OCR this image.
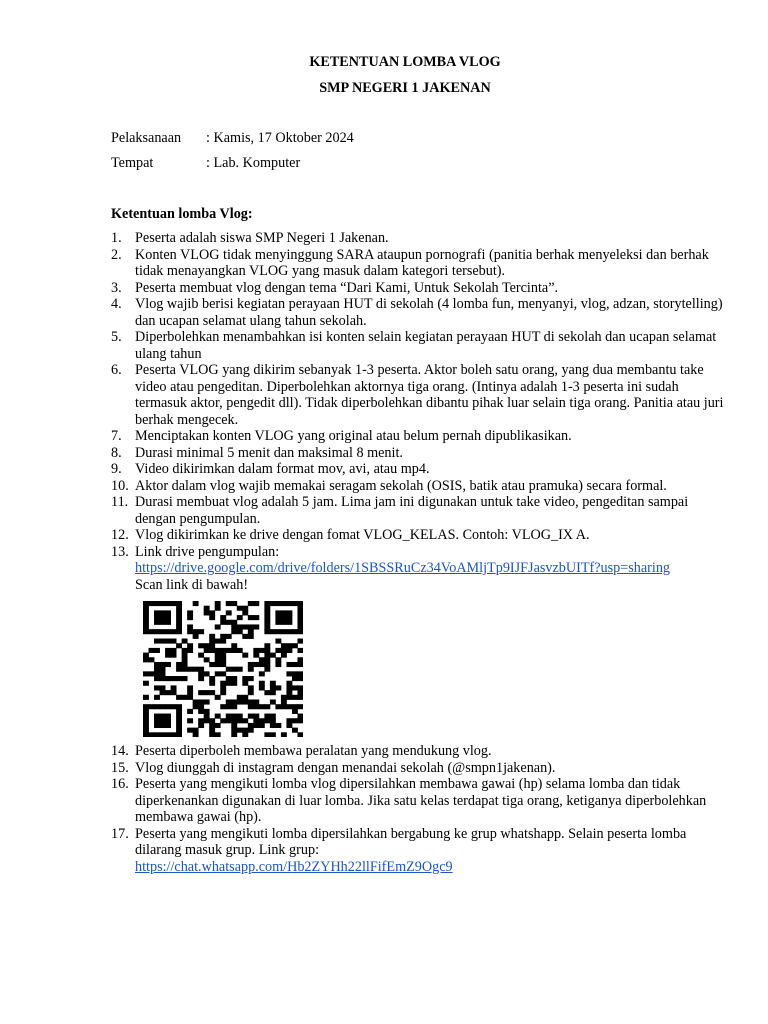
KETENTUAN LOMBA VLOG
SMP NEGERI 1 JAKENAN
Pelaksanaan	: Kamis, 17 Oktober 2024
Tempat	: Lab. Komputer
Ketentuan lomba Vlog:
1. Peserta adalah siswa SMP Negeri 1 Jakenan.
2. Konten VLOG tidak menyinggung SARA ataupun pornografi (panitia berhak menyeleksi dan berhak tidak menayangkan VLOG yang masuk dalam kategori tersebut).
3. Peserta membuat vlog dengan tema “Dari Kami, Untuk Sekolah Tercinta”.
4. Vlog wajib berisi kegiatan perayaan HUT di sekolah (4 lomba fun, menyanyi, vlog, adzan, storytelling) dan ucapan selamat ulang tahun sekolah.
5. Diperbolehkan menambahkan isi konten selain kegiatan perayaan HUT di sekolah dan ucapan selamat ulang tahun
6. Peserta VLOG yang dikirim sebanyak 1-3 peserta. Aktor boleh satu orang, yang dua membantu take video atau pengeditan. Diperbolehkan aktornya tiga orang. (Intinya adalah 1-3 peserta ini sudah termasuk aktor, pengedit dll). Tidak diperbolehkan dibantu pihak luar selain tiga orang. Panitia atau juri berhak mengecek.
7. Menciptakan konten VLOG yang original atau belum pernah dipublikasikan.
8. Durasi minimal 5 menit dan maksimal 8 menit.
9. Video dikirimkan dalam format mov, avi, atau mp4.
10. Aktor dalam vlog wajib memakai seragam sekolah (OSIS, batik atau pramuka) secara formal.
11. Durasi membuat vlog adalah 5 jam. Lima jam ini digunakan untuk take video, pengeditan sampai dengan pengumpulan.
12. Vlog dikirimkan ke drive dengan fomat VLOG_KELAS. Contoh: VLOG_IX A.
13. Link drive pengumpulan:
https://drive.google.com/drive/folders/1SBSSRuCz34VoAMljTp9IJFJasvzbUITf?usp=sharing
Scan link di bawah!
14. Peserta diperboleh membawa peralatan yang mendukung vlog.
15. Vlog diunggah di instagram dengan menandai sekolah (@smpn1jakenan).
16. Peserta yang mengikuti lomba vlog dipersilahkan membawa gawai (hp) selama lomba dan tidak diperkenankan digunakan di luar lomba. Jika satu kelas terdapat tiga orang, ketiganya diperbolehkan membawa gawai (hp).
17. Peserta yang mengikuti lomba dipersilahkan bergabung ke grup whatshapp. Selain peserta lomba dilarang masuk grup. Link grup:
https://chat.whatsapp.com/Hb2ZYHh22llFifEmZ9Ogc9
